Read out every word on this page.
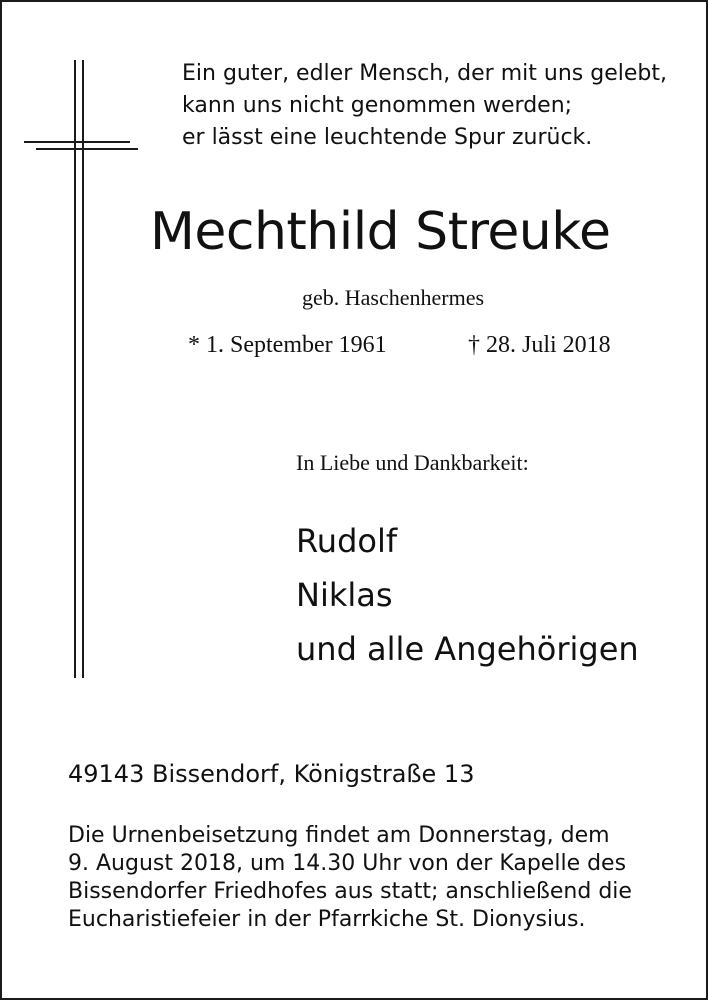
Ein guter, edler Mensch, der mit uns gelebt,
kann uns nicht genommen werden;
er lässt eine leuchtende Spur zurück.
Mechthild Streuke
geb. Haschenhermes
* 1. September 1961	† 28. Juli 2018
In Liebe und Dankbarkeit:
Rudolf
Niklas
und alle Angehörigen
49143 Bissendorf, Königstraße 13
Die Urnenbeisetzung findet am Donnerstag, dem
9. August 2018, um 14.30 Uhr von der Kapelle des
Bissendorfer Friedhofes aus statt; anschließend die
Eucharistiefeier in der Pfarrkiche St. Dionysius.
